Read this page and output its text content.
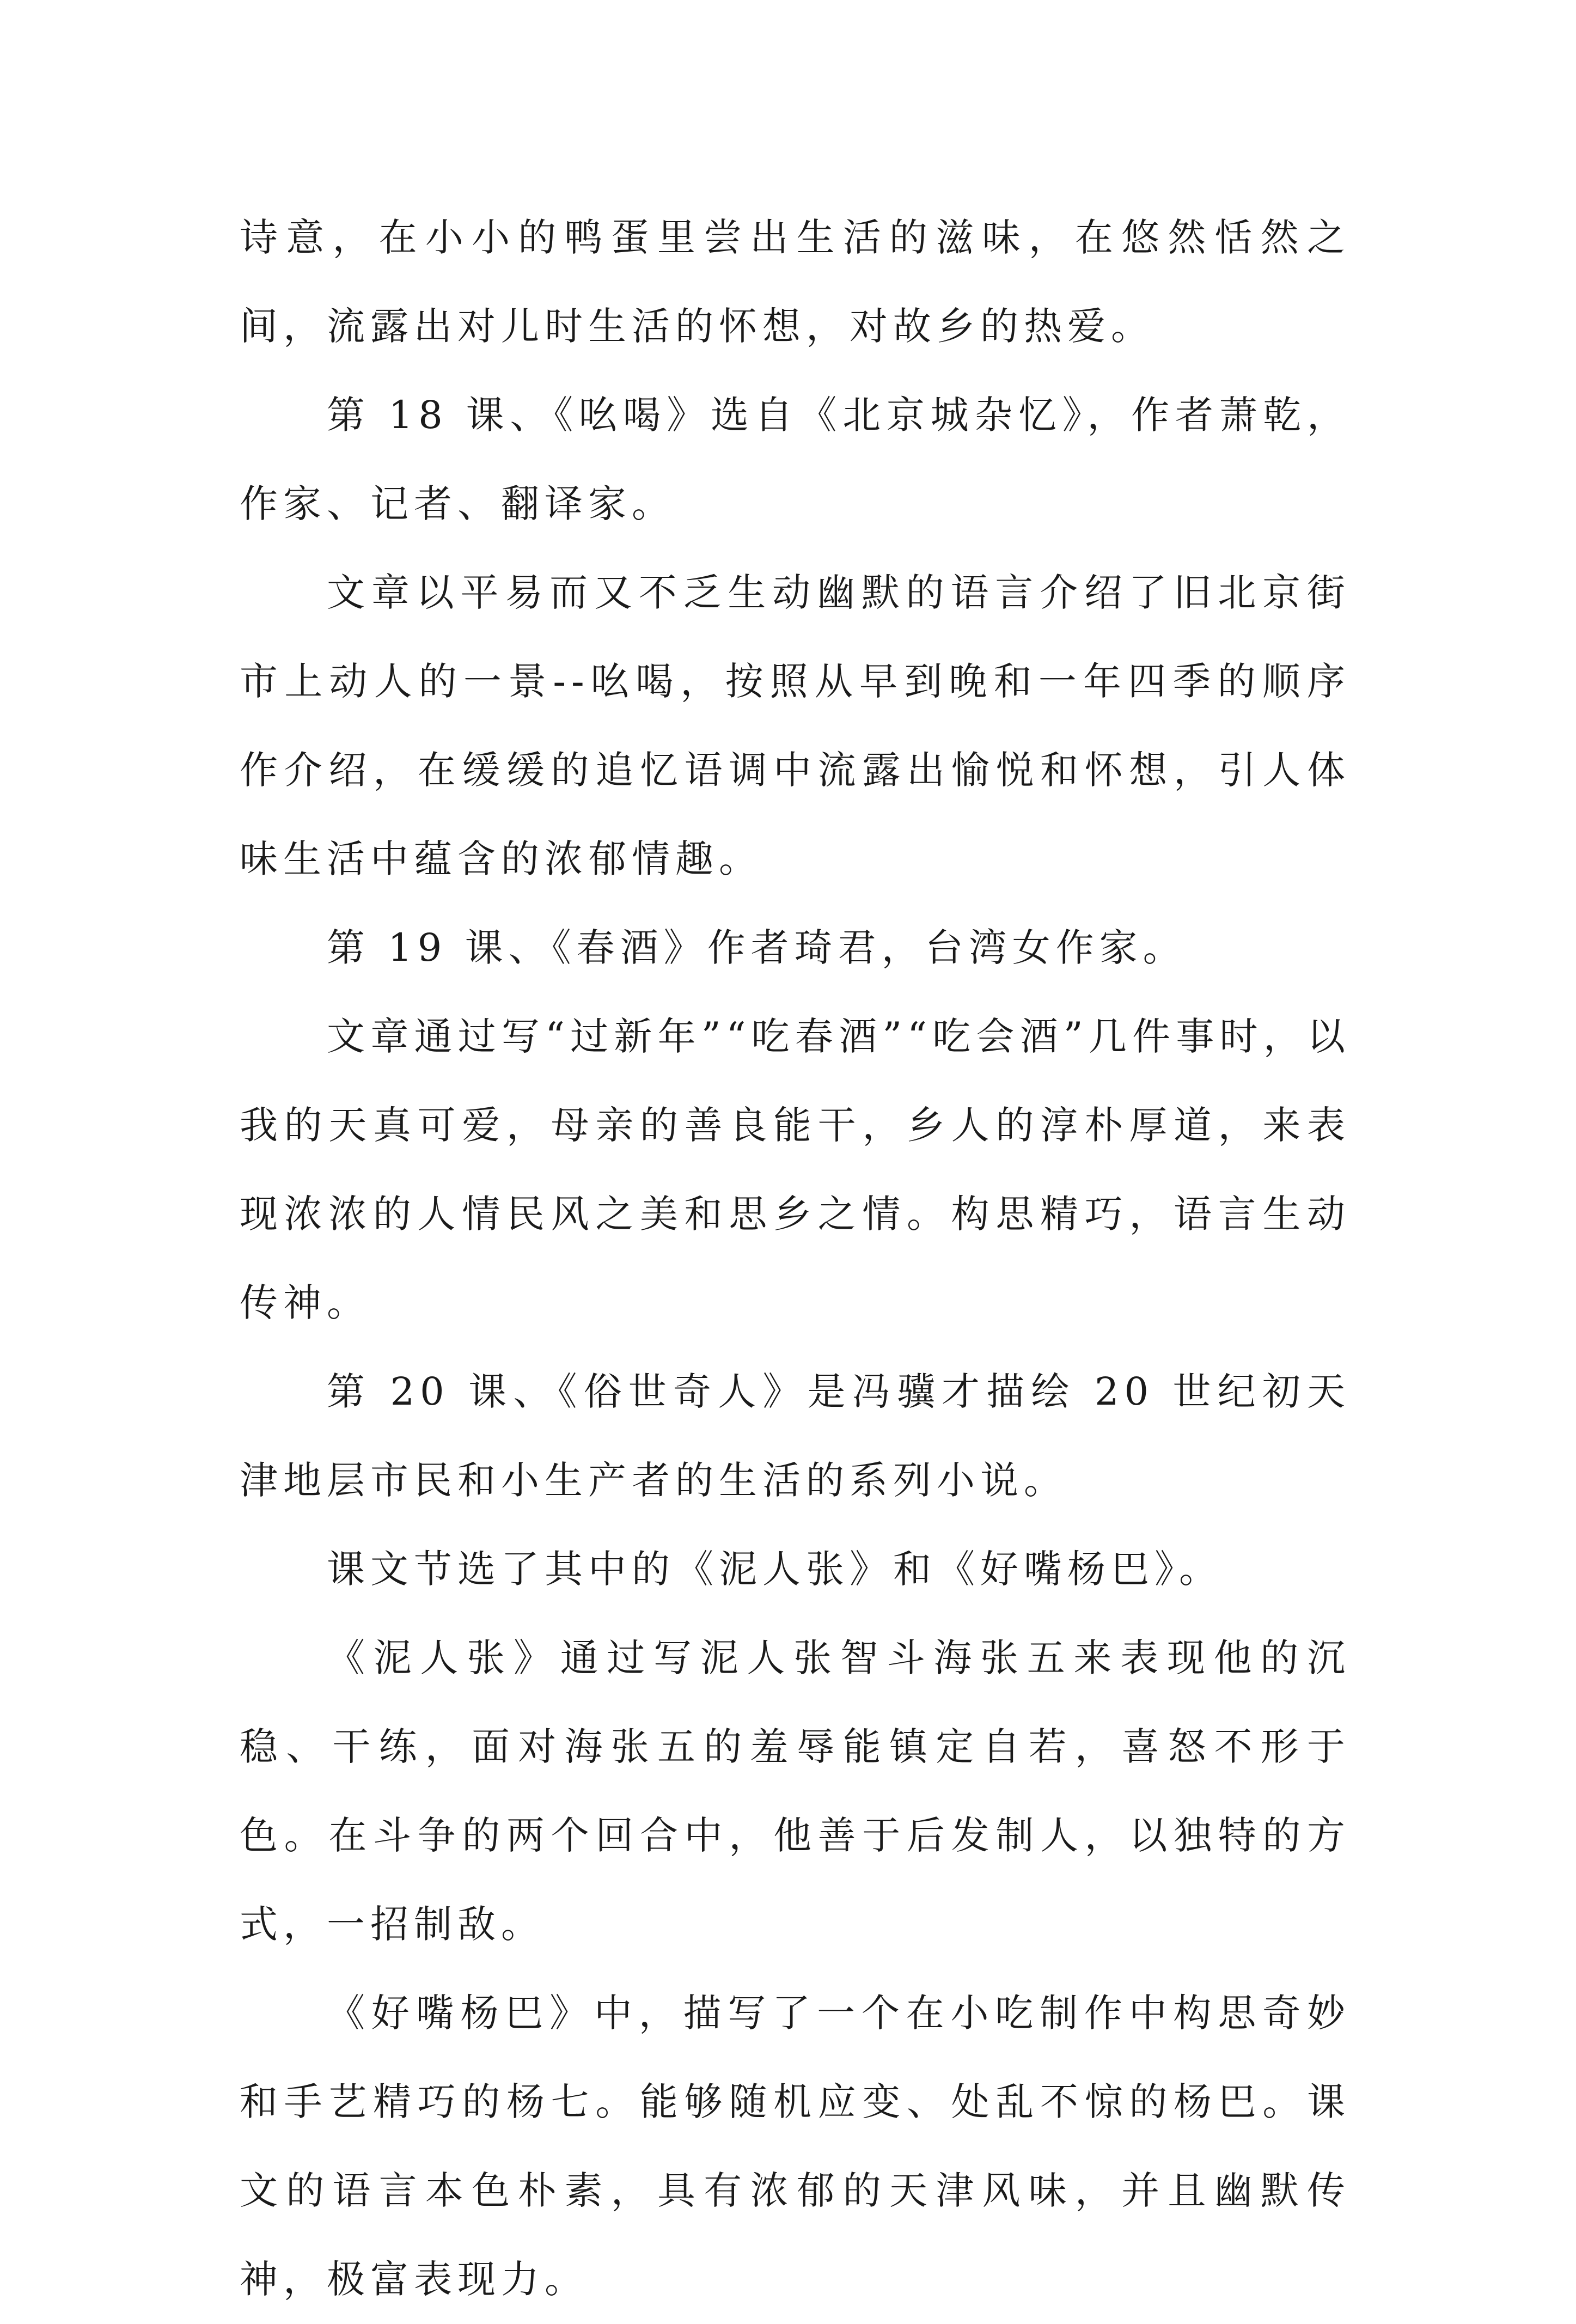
诗意，在小小的鸭蛋里尝出生活的滋味，在悠然恬然之间，流露出对儿时生活的怀想，对故乡的热爱。

第 18 课、《吆喝》选自《北京城杂忆》，作者萧乾，作家、记者、翻译家。

文章以平易而又不乏生动幽默的语言介绍了旧北京街市上动人的一景--吆喝，按照从早到晚和一年四季的顺序作介绍，在缓缓的追忆语调中流露出愉悦和怀想，引人体味生活中蕴含的浓郁情趣。

第 19 课、《春酒》作者琦君，台湾女作家。

文章通过写“过新年”“吃春酒”“吃会酒”几件事时，以我的天真可爱，母亲的善良能干，乡人的淳朴厚道，来表现浓浓的人情民风之美和思乡之情。构思精巧，语言生动传神。

第 20 课、《俗世奇人》是冯骥才描绘 20 世纪初天津地层市民和小生产者的生活的系列小说。

课文节选了其中的《泥人张》和《好嘴杨巴》。

《泥人张》通过写泥人张智斗海张五来表现他的沉稳、干练，面对海张五的羞辱能镇定自若，喜怒不形于色。在斗争的两个回合中，他善于后发制人，以独特的方式，一招制敌。

《好嘴杨巴》中，描写了一个在小吃制作中构思奇妙和手艺精巧的杨七。能够随机应变、处乱不惊的杨巴。课文的语言本色朴素，具有浓郁的天津风味，并且幽默传神，极富表现力。
